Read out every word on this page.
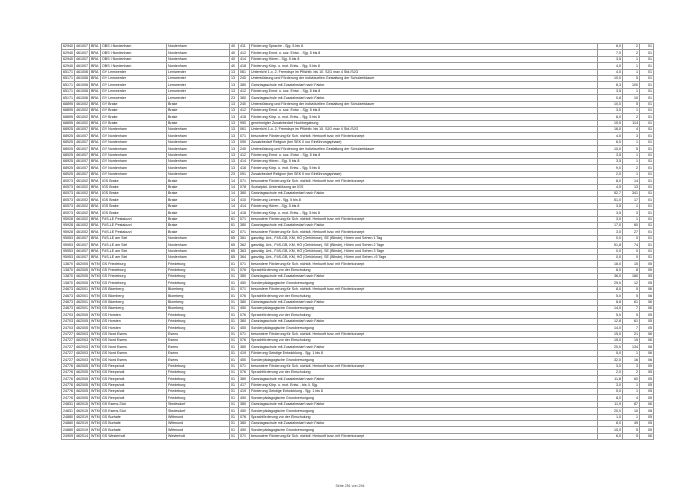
62940	461007	BRA	OBS I Nordenham	Nordenham	40	411	Förderung Sprache - Sjg. 5 bis 8	6,0	2	01
62940	461007	BRA	OBS I Nordenham	Nordenham	40	412	Förderung Emot. u. soz. Entw. - Sjg. 5 bis 8	7,0	2	01
62940	461007	BRA	OBS I Nordenham	Nordenham	40	414	Förderung Hören - Sjg. 5 bis 8	3,5	1	01
62940	461007	BRA	OBS I Nordenham	Nordenham	40	418	Förderung Körp. u. mot. Entw. - Sjg. 5 bis 8	4,0	1	01
65171	461006	BRA	GY Lemwerder	Lemwerder	13	061	Unterricht 1.o. 2. Fremdspr im Pflichtb. bis 10. SJG max 4 Std./SJG	4,0	1	01
65171	461006	BRA	GY Lemwerder	Lemwerder	13	240	Unterstützung und Förderung der individuellen Gestaltung der Schulzeitdauer	10,0	5	01
65171	461006	BRA	GY Lemwerder	Lemwerder	13	380	Ganztagsschule mit Zusatzbedarf nach Faktor	8,3	100	01
65171	461006	BRA	GY Lemwerder	Lemwerder	13	412	Förderung Emot. u. soz. Entw. - Sjg. 5 bis 8	3,5	1	01
65171	461006	BRA	GY Lemwerder	Lemwerder	23	380	Ganztagsschule mit Zusatzbedarf nach Faktor	0,8	10	01
68895	461002	BRA	GY Brake	Brake	13	240	Unterstützung und Förderung der individuellen Gestaltung der Schulzeitdauer	10,0	5	01
68895	461002	BRA	GY Brake	Brake	13	412	Förderung Emot. u. soz. Entw. - Sjg. 5 bis 8	3,0	1	01
68895	461002	BRA	GY Brake	Brake	13	418	Förderung Körp. u. mot. Entw. - Sjg. 5 bis 8	6,0	2	01
68895	461002	BRA	GY Brake	Brake	13	950	genehmigter Zusatzbedarf Hochbegabung	15,5	114	01
68925	461007	BRA	GY Nordenham	Nordenham	13	061	Unterricht 1.o. 2. Fremdspr im Pflichtb. bis 10. SJG max 4 Std./SJG	16,0	4	01
68925	461007	BRA	GY Nordenham	Nordenham	13	071	besondere Förderung für Sch. nichtdt. Herkunft bzw. mit Förderkonzept	4,0	3	01
68925	461007	BRA	GY Nordenham	Nordenham	13	090	Zusatzbedarf Religion (bei SEK II nur Einführungsphase)	6,0	1	01
68925	461007	BRA	GY Nordenham	Nordenham	13	240	Unterstützung und Förderung der individuellen Gestaltung der Schulzeitdauer	10,0	5	01
68925	461007	BRA	GY Nordenham	Nordenham	13	412	Förderung Emot. u. soz. Entw. - Sjg. 5 bis 8	3,5	1	01
68925	461007	BRA	GY Nordenham	Nordenham	13	414	Förderung Hören - Sjg. 5 bis 8	3,5	1	01
68925	461007	BRA	GY Nordenham	Nordenham	13	418	Förderung Körp. u. mot. Entw. - Sjg. 5 bis 8	9,0	2	01
68925	461007	BRA	GY Nordenham	Nordenham	23	091	Zusatzbedarf Religion (bei SEK II nur Einführungsphase)	2,0	1	01
80573	461002	BRA	IGS Brake	Brake	14	071	besondere Förderung für Sch. nichtdt. Herkunft bzw. mit Förderkonzept	8,0	14	01
80573	461002	BRA	IGS Brake	Brake	14	078	Sozialpäd. Unterstützung an IGS	4,5	13	01
80573	461002	BRA	IGS Brake	Brake	14	380	Ganztagsschule mit Zusatzbedarf nach Faktor	52,7	341	01
80573	461002	BRA	IGS Brake	Brake	14	410	Förderung Lernen - Sjg. 5 bis 8	51,0	17	01
80573	461002	BRA	IGS Brake	Brake	14	414	Förderung Hören - Sjg. 5 bis 8	3,5	1	01
80573	461002	BRA	IGS Brake	Brake	14	418	Förderung Körp. u. mot. Entw. - Sjg. 5 bis 8	3,5	3	01
95928	461002	BRA	FöS-LE Pestalozzi	Brake	61	071	besondere Förderung für Sch. nichtdt. Herkunft bzw. mit Förderkonzept	3,0	1	01
95928	461002	BRA	FöS-LE Pestalozzi	Brake	61	380	Ganztagsschule mit Zusatzbedarf nach Faktor	17,0	60	01
95928	461002	BRA	FöS-LE Pestalozzi	Brake	62	071	besondere Förderung für Sch. nichtdt. Herkunft bzw. mit Förderkonzept	3,0	27	01
95953	461007	BRA	FöS-LE am Siel	Nordenham	65	361	ganztäg. Unt., FöS-GB, KM, HÖ (Gehörlose), SE (Blinde), Hören und Sehen 1 Tag	0,0	0	01
95953	461007	BRA	FöS-LE am Siel	Nordenham	65	362	ganztäg. Unt., FöS-GB, KM, HÖ (Gehörlose), SE (Blinde), Hören und Sehen 2 Tage	51,8	74	01
95953	461007	BRA	FöS-LE am Siel	Nordenham	65	363	ganztäg. Unt., FöS-GB, KM, HÖ (Gehörlose), SE (Blinde), Hören und Sehen 3 Tage	0,0	0	01
95953	461007	BRA	FöS-LE am Siel	Nordenham	65	364	ganztäg. Unt., FöS-GB, KM, HÖ (Gehörlose), SE (Blinde), Hören und Sehen >3 Tage	0,0	0	01
13870	462005	WTM	GS Friedeburg	Friedeburg	01	071	besondere Förderung für Sch. nichtdt. Herkunft bzw. mit Förderkonzept	18,0	15	05
13870	462005	WTM	GS Friedeburg	Friedeburg	01	076	Sprachförderung vor der Einschulung	8,0	8	05
13870	462005	WTM	GS Friedeburg	Friedeburg	01	380	Ganztagsschule mit Zusatzbedarf nach Faktor	36,0	180	05
13870	462005	WTM	GS Friedeburg	Friedeburg	01	450	Sonderpädagogische Grundversorgung	29,0	12	05
24673	462001	WTM	GS Blomberg	Blomberg	01	071	besondere Förderung für Sch. nichtdt. Herkunft bzw. mit Förderkonzept	8,0	5	06
24673	462001	WTM	GS Blomberg	Blomberg	01	076	Sprachförderung vor der Einschulung	5,0	5	06
24673	462001	WTM	GS Blomberg	Blomberg	01	380	Ganztagsschule mit Zusatzbedarf nach Faktor	8,8	61	06
24673	462001	WTM	GS Blomberg	Blomberg	01	450	Sonderpädagogische Grundversorgung	14,0	7	06
24703	462005	WTM	GS Horsten	Friedeburg	01	076	Sprachförderung vor der Einschulung	5,0	5	05
24703	462005	WTM	GS Horsten	Friedeburg	01	380	Ganztagsschule mit Zusatzbedarf nach Faktor	12,8	61	05
24703	462005	WTM	GS Horsten	Friedeburg	01	450	Sonderpädagogische Grundversorgung	14,0	7	05
24727	462003	WTM	GS Nord Esens	Esens	01	071	besondere Förderung für Sch. nichtdt. Herkunft bzw. mit Förderkonzept	15,0	21	06
24727	462003	WTM	GS Nord Esens	Esens	01	076	Sprachförderung vor der Einschulung	15,0	15	06
24727	462003	WTM	GS Nord Esens	Esens	01	380	Ganztagsschule mit Zusatzbedarf nach Faktor	20,0	134	06
24727	462003	WTM	GS Nord Esens	Esens	01	419	Förderung Geistige Entwicklung - Sjg. 1 bis 8	5,0	1	06
24727	462003	WTM	GS Nord Esens	Esens	01	450	Sonderpädagogische Grundversorgung	32,0	16	06
24776	462005	WTM	GS Reepsholt	Friedeburg	01	071	besondere Förderung für Sch. nichtdt. Herkunft bzw. mit Förderkonzept	3,0	3	05
24776	462005	WTM	GS Reepsholt	Friedeburg	01	076	Sprachförderung vor der Einschulung	2,0	2	05
24776	462005	WTM	GS Reepsholt	Friedeburg	01	380	Ganztagsschule mit Zusatzbedarf nach Faktor	11,8	60	05
24776	462005	WTM	GS Reepsholt	Friedeburg	01	417	Förderung Körp. u. mot. Entw. - bis 4. Sjg.	3,0	1	05
24776	462005	WTM	GS Reepsholt	Friedeburg	01	419	Förderung Geistige Entwicklung - Sjg. 1 bis 8	5,0	1	05
24776	462005	WTM	GS Reepsholt	Friedeburg	01	450	Sonderpädagogische Grundversorgung	8,0	4	05
24831	462015	WTM	GS Esens-Süd	Stedesdorf	01	380	Ganztagsschule mit Zusatzbedarf nach Faktor	11,9	87	06
24831	462015	WTM	GS Esens-Süd	Stedesdorf	01	450	Sonderpädagogische Grundversorgung	20,0	10	06
24880	462019	WTM	GS Burhafe	Wittmund	01	076	Sprachförderung vor der Einschulung	1,0	1	05
24880	462019	WTM	GS Burhafe	Wittmund	01	380	Ganztagsschule mit Zusatzbedarf nach Faktor	8,0	49	05
24880	462019	WTM	GS Burhafe	Wittmund	01	450	Sonderpädagogische Grundversorgung	10,0	5	05
24909	462014	WTM	GS Westerholt	Westerholt	01	071	besondere Förderung für Sch. nichtdt. Herkunft bzw. mit Förderkonzept	6,0	5	06
Seite 251 von 294
